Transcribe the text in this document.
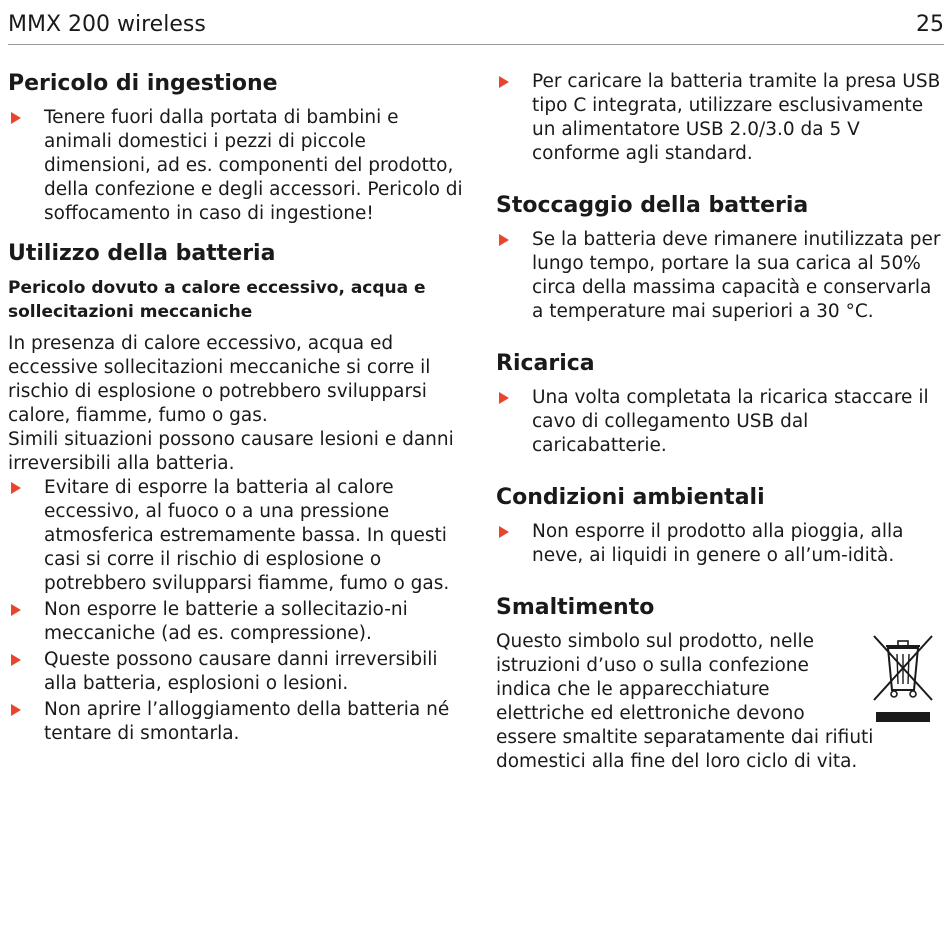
MMX 200 wireless	25
Pericolo di ingestione
Tenere fuori dalla portata di bambini e animali domestici i pezzi di piccole dimensioni, ad es. componenti del prodotto, della confezione e degli accessori. Pericolo di soffocamento in caso di ingestione!
Utilizzo della batteria
Pericolo dovuto a calore eccessivo, acqua e sollecitazioni meccaniche

In presenza di calore eccessivo, acqua ed eccessive sollecitazioni meccaniche si corre il rischio di esplosione o potrebbero svilupparsi calore, fiamme, fumo o gas.

Simili situazioni possono causare lesioni e danni irreversibili alla batteria.

Evitare di esporre la batteria al calore eccessivo, al fuoco o a una pressione atmosferica estremamente bassa. In questi casi si corre il rischio di esplosione o potrebbero svilupparsi fiamme, fumo o gas.
Non esporre le batterie a sollecitazio-ni meccaniche (ad es. compressione).
Queste possono causare danni irreversibili alla batteria, esplosioni o lesioni.
Non aprire l’alloggiamento della batteria né tentare di smontarla.
Per caricare la batteria tramite la presa USB tipo C integrata, utilizzare esclusivamente un alimentatore USB 2.0/3.0 da 5 V conforme agli standard.
Stoccaggio della batteria
Se la batteria deve rimanere inutilizzata per lungo tempo, portare la sua carica al 50% circa della massima capacità e conservarla a temperature mai superiori a 30 °C.
Ricarica
Una volta completata la ricarica staccare il cavo di collegamento USB dal caricabatterie.
Condizioni ambientali
Non esporre il prodotto alla pioggia, alla neve, ai liquidi in genere o all’um-idità.
Smaltimento

Questo simbolo sul prodotto, nelle istruzioni d’uso o sulla confezione indica che le apparecchiature elettriche ed elettroniche devono essere smaltite separatamente dai rifiuti domestici alla fine del loro ciclo di vita.
